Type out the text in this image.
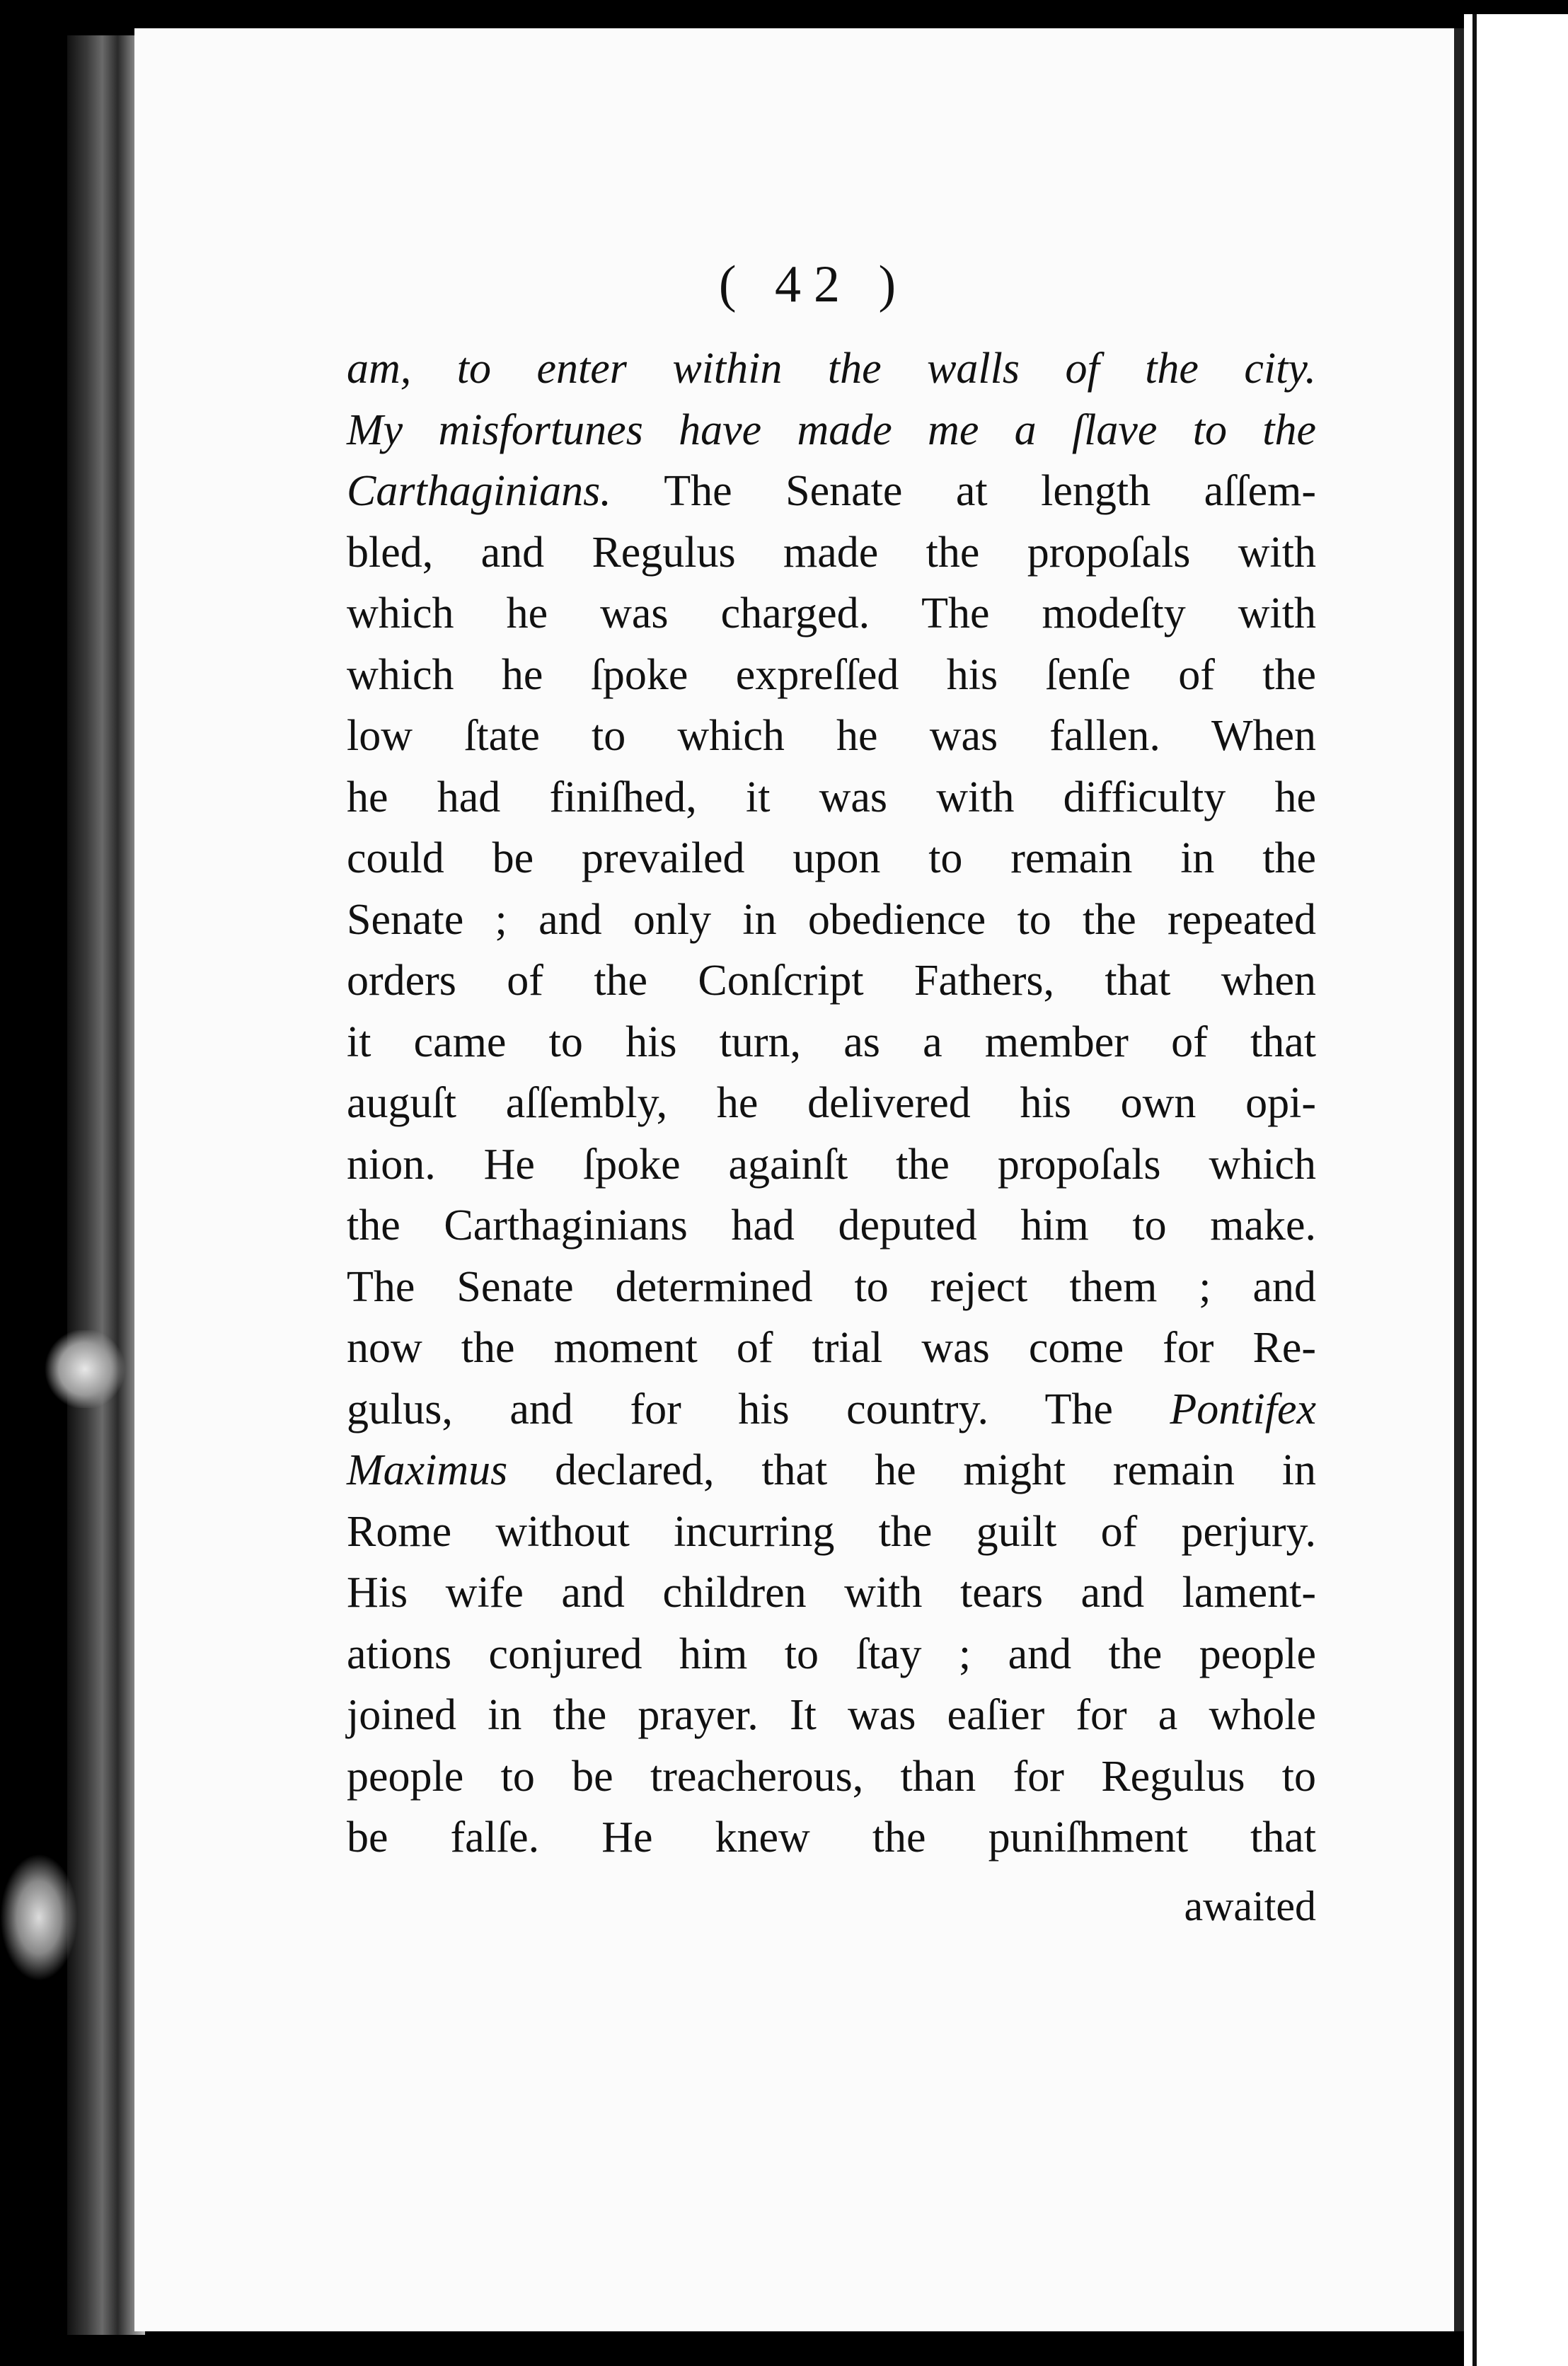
( 42 )
am, to enter within the walls of the city.
My misfortunes have made me a ſlave to the
Carthaginians. The Senate at length aſſem-
bled, and Regulus made the propoſals with
which he was charged. The modeſty with
which he ſpoke expreſſed his ſenſe of the
low ſtate to which he was fallen. When
he had finiſhed, it was with difficulty he
could be prevailed upon to remain in the
Senate ; and only in obedience to the repeated
orders of the Conſcript Fathers, that when
it came to his turn, as a member of that
auguſt aſſembly, he delivered his own opi-
nion. He ſpoke againſt the propoſals which
the Carthaginians had deputed him to make.
The Senate determined to reject them ; and
now the moment of trial was come for Re-
gulus, and for his country. The Pontifex
Maximus declared, that he might remain in
Rome without incurring the guilt of perjury.
His wife and children with tears and lament-
ations conjured him to ſtay ; and the people
joined in the prayer. It was eaſier for a whole
people to be treacherous, than for Regulus to
be falſe. He knew the puniſhment that
awaited
